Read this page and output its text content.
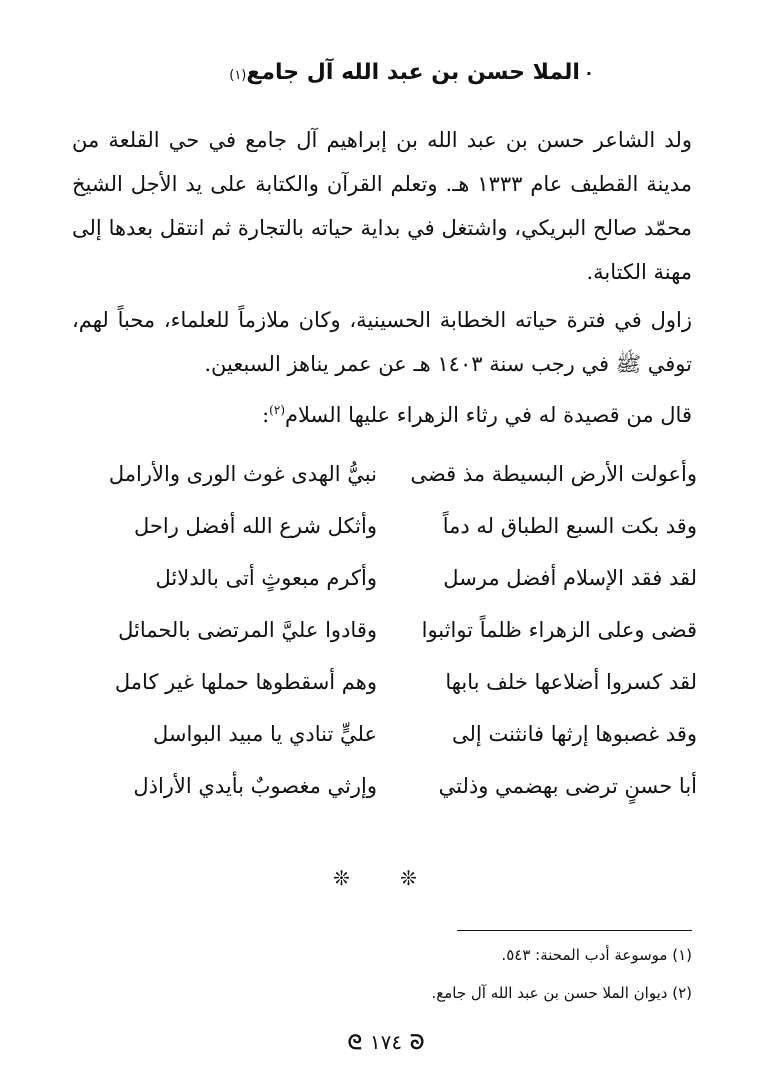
·الملا حسن بن عبد الله آل جامع(١)
ولد الشاعر حسن بن عبد الله بن إبراهيم آل جامع في حي القلعة من مدينة القطيف عام ١٣٣٣ هـ. وتعلم القرآن والكتابة على يد الأجل الشيخ محمّد صالح البريكي، واشتغل في بداية حياته بالتجارة ثم انتقل بعدها إلى مهنة الكتابة.
زاول في فترة حياته الخطابة الحسينية، وكان ملازماً للعلماء، محباً لهم، توفي ﷺ في رجب سنة ١٤٠٣ هـ عن عمر يناهز السبعين.
قال من قصيدة له في رثاء الزهراء عليها السلام$^{(٢)}$:
وأعولت الأرض البسيطة مذ قضى
نبيُّ الهدى غوث الورى والأرامل
وقد بكت السبع الطباق له دماً
وأثكل شرع الله أفضل راحل
لقد فقد الإسلام أفضل مرسل
وأكرم مبعوثٍ أتى بالدلائل
قضى وعلى الزهراء ظلماً تواثبوا
وقادوا عليَّ المرتضى بالحمائل
لقد كسروا أضلاعها خلف بابها
وهم أسقطوها حملها غير كامل
وقد غصبوها إرثها فانثنت إلى
عليٍّ تنادي يا مبيد البواسل
أبا حسنٍ ترضى بهضمي وذلتي
وإرثي مغصوبٌ بأيدي الأراذل
❊ ❊
(١) موسوعة أدب المحنة: ٥٤٣.
(٢) ديوان الملا حسن بن عبد الله آل جامع.
ᘓ ١٧٤ ᘐ
